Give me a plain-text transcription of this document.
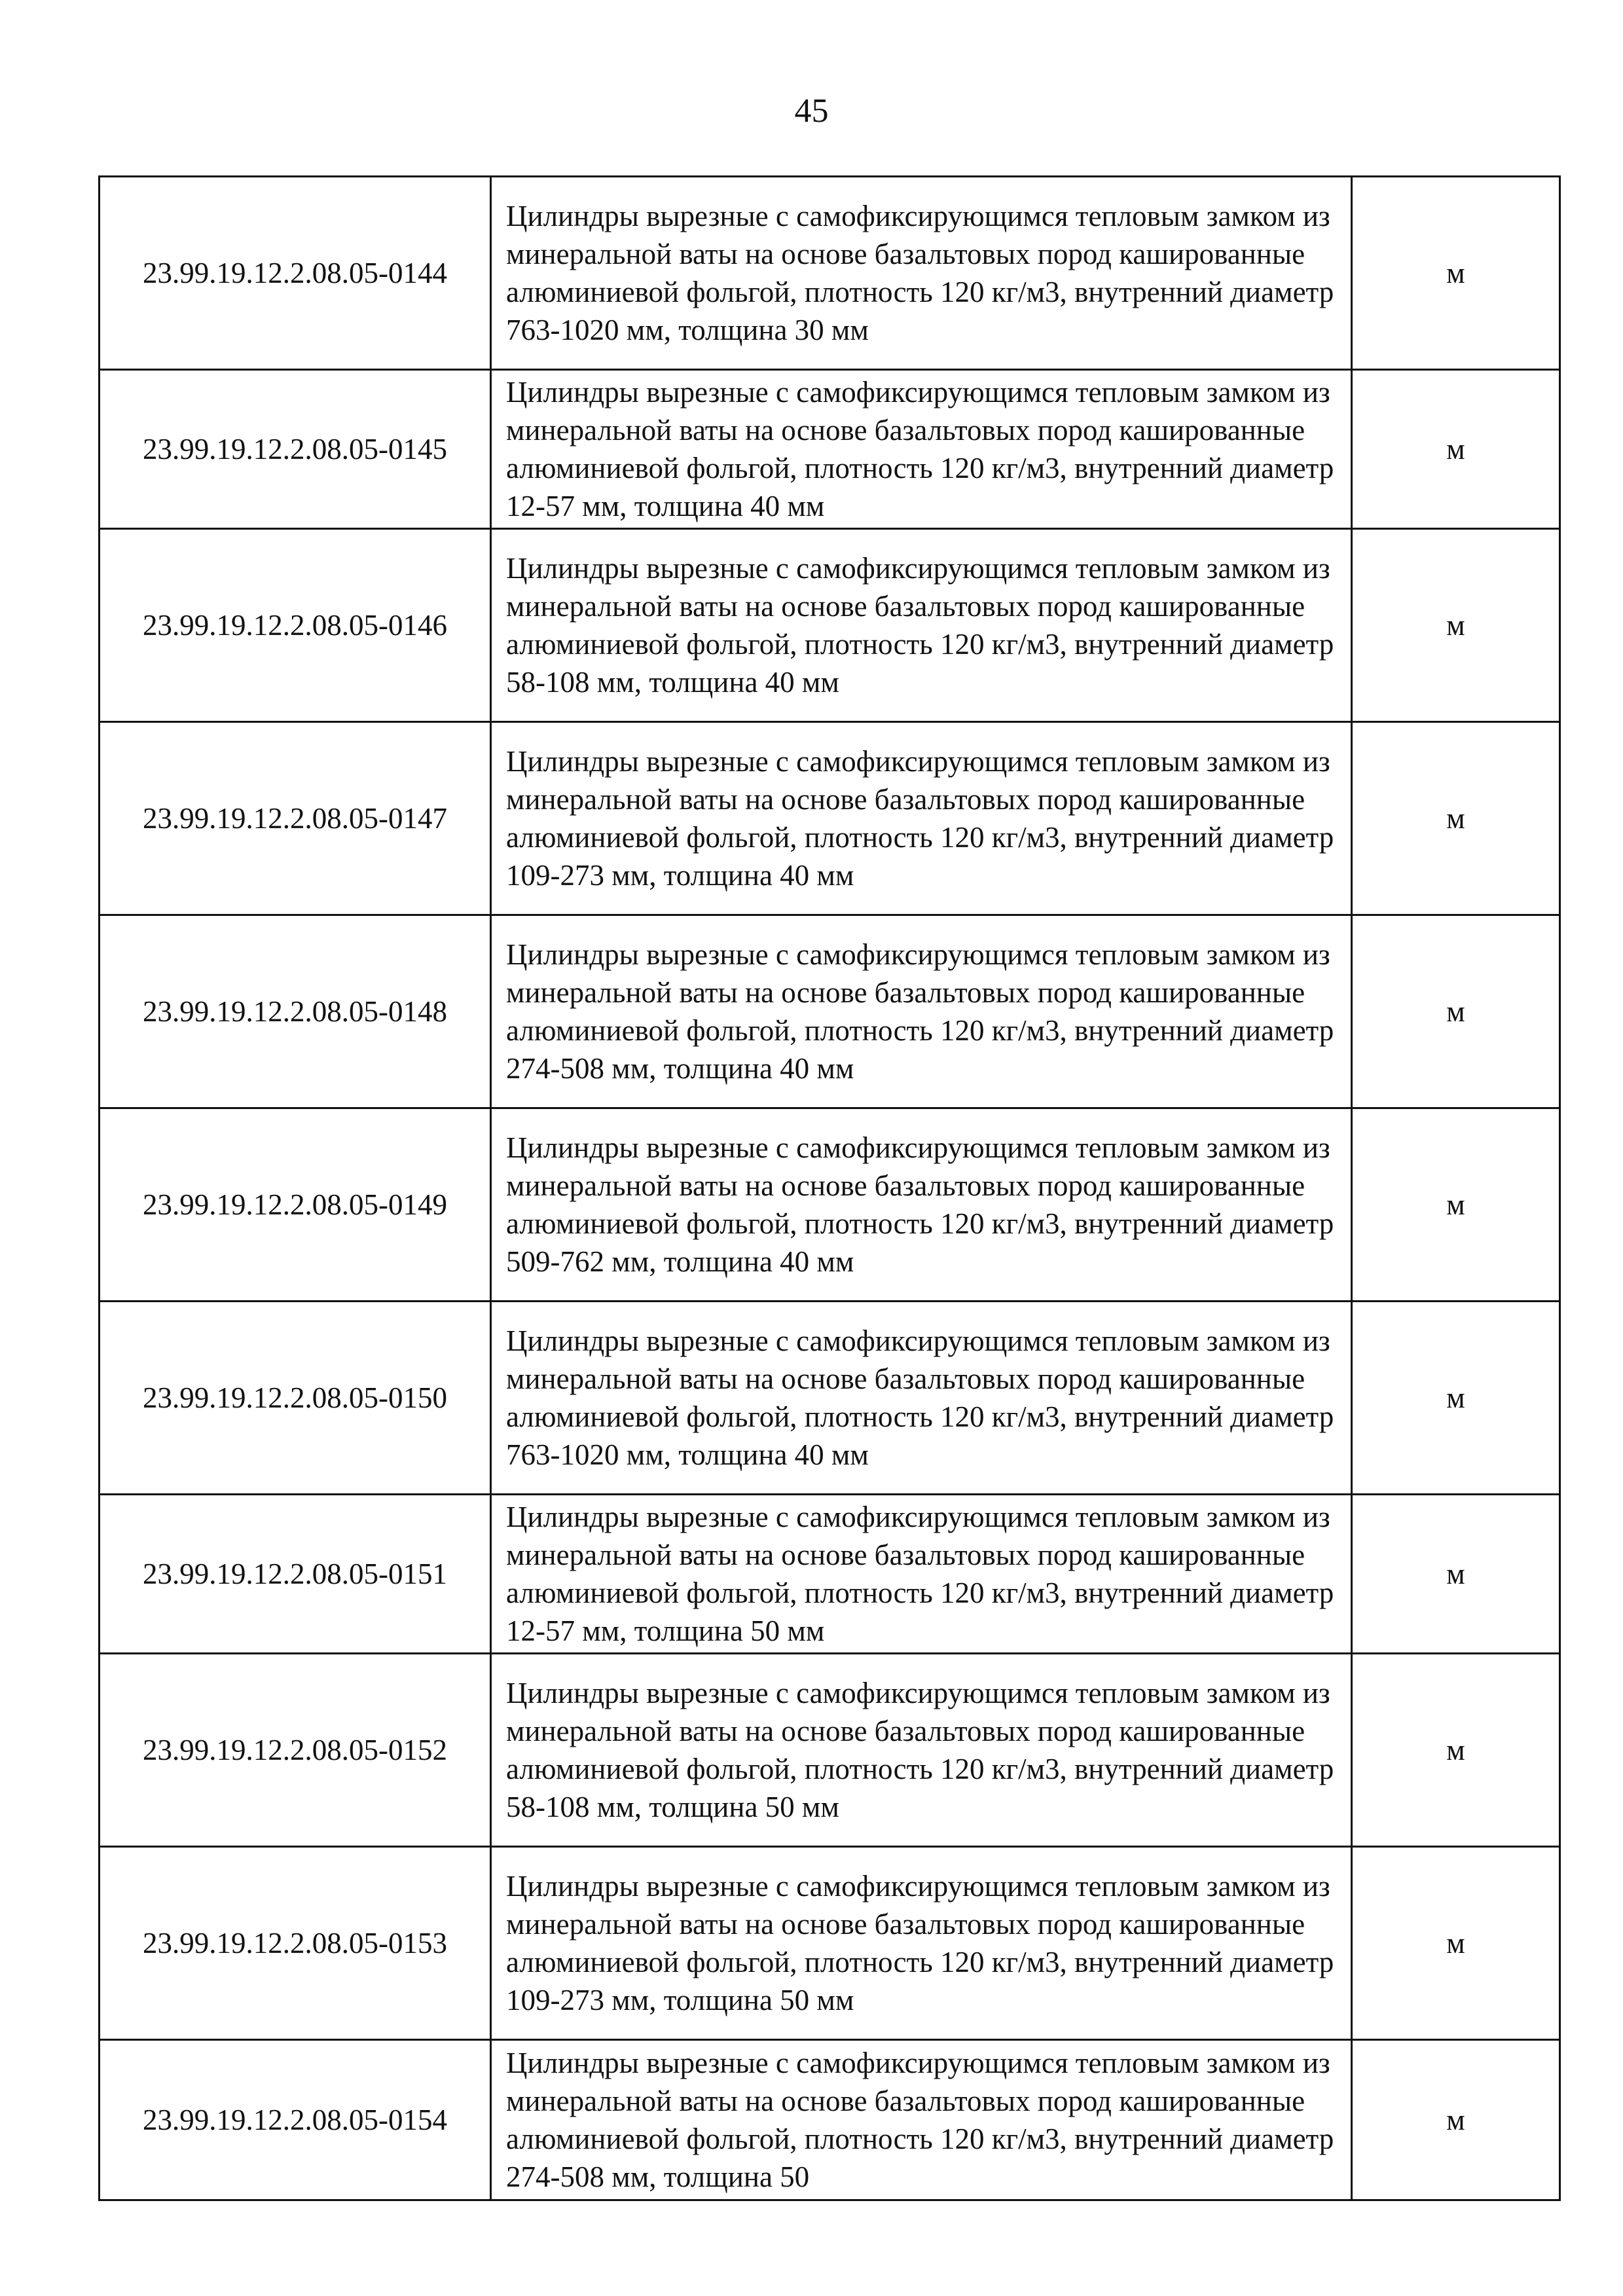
45
23.99.19.12.2.08.05-0144	Цилиндры вырезные с самофиксирующимся тепловым замком из минеральной ваты на основе базальтовых пород кашированные алюминиевой фольгой, плотность 120 кг/м3, внутренний диаметр 763-1020 мм, толщина 30 мм	м
23.99.19.12.2.08.05-0145	Цилиндры вырезные с самофиксирующимся тепловым замком из минеральной ваты на основе базальтовых пород кашированные алюминиевой фольгой, плотность 120 кг/м3, внутренний диаметр 12-57 мм, толщина 40 мм	м
23.99.19.12.2.08.05-0146	Цилиндры вырезные с самофиксирующимся тепловым замком из минеральной ваты на основе базальтовых пород кашированные алюминиевой фольгой, плотность 120 кг/м3, внутренний диаметр 58-108 мм, толщина 40 мм	м
23.99.19.12.2.08.05-0147	Цилиндры вырезные с самофиксирующимся тепловым замком из минеральной ваты на основе базальтовых пород кашированные алюминиевой фольгой, плотность 120 кг/м3, внутренний диаметр 109-273 мм, толщина 40 мм	м
23.99.19.12.2.08.05-0148	Цилиндры вырезные с самофиксирующимся тепловым замком из минеральной ваты на основе базальтовых пород кашированные алюминиевой фольгой, плотность 120 кг/м3, внутренний диаметр 274-508 мм, толщина 40 мм	м
23.99.19.12.2.08.05-0149	Цилиндры вырезные с самофиксирующимся тепловым замком из минеральной ваты на основе базальтовых пород кашированные алюминиевой фольгой, плотность 120 кг/м3, внутренний диаметр 509-762 мм, толщина 40 мм	м
23.99.19.12.2.08.05-0150	Цилиндры вырезные с самофиксирующимся тепловым замком из минеральной ваты на основе базальтовых пород кашированные алюминиевой фольгой, плотность 120 кг/м3, внутренний диаметр 763-1020 мм, толщина 40 мм	м
23.99.19.12.2.08.05-0151	Цилиндры вырезные с самофиксирующимся тепловым замком из минеральной ваты на основе базальтовых пород кашированные алюминиевой фольгой, плотность 120 кг/м3, внутренний диаметр 12-57 мм, толщина 50 мм	м
23.99.19.12.2.08.05-0152	Цилиндры вырезные с самофиксирующимся тепловым замком из минеральной ваты на основе базальтовых пород кашированные алюминиевой фольгой, плотность 120 кг/м3, внутренний диаметр 58-108 мм, толщина 50 мм	м
23.99.19.12.2.08.05-0153	Цилиндры вырезные с самофиксирующимся тепловым замком из минеральной ваты на основе базальтовых пород кашированные алюминиевой фольгой, плотность 120 кг/м3, внутренний диаметр 109-273 мм, толщина 50 мм	м
23.99.19.12.2.08.05-0154	Цилиндры вырезные с самофиксирующимся тепловым замком из минеральной ваты на основе базальтовых пород кашированные алюминиевой фольгой, плотность 120 кг/м3, внутренний диаметр 274-508 мм, толщина 50	м
